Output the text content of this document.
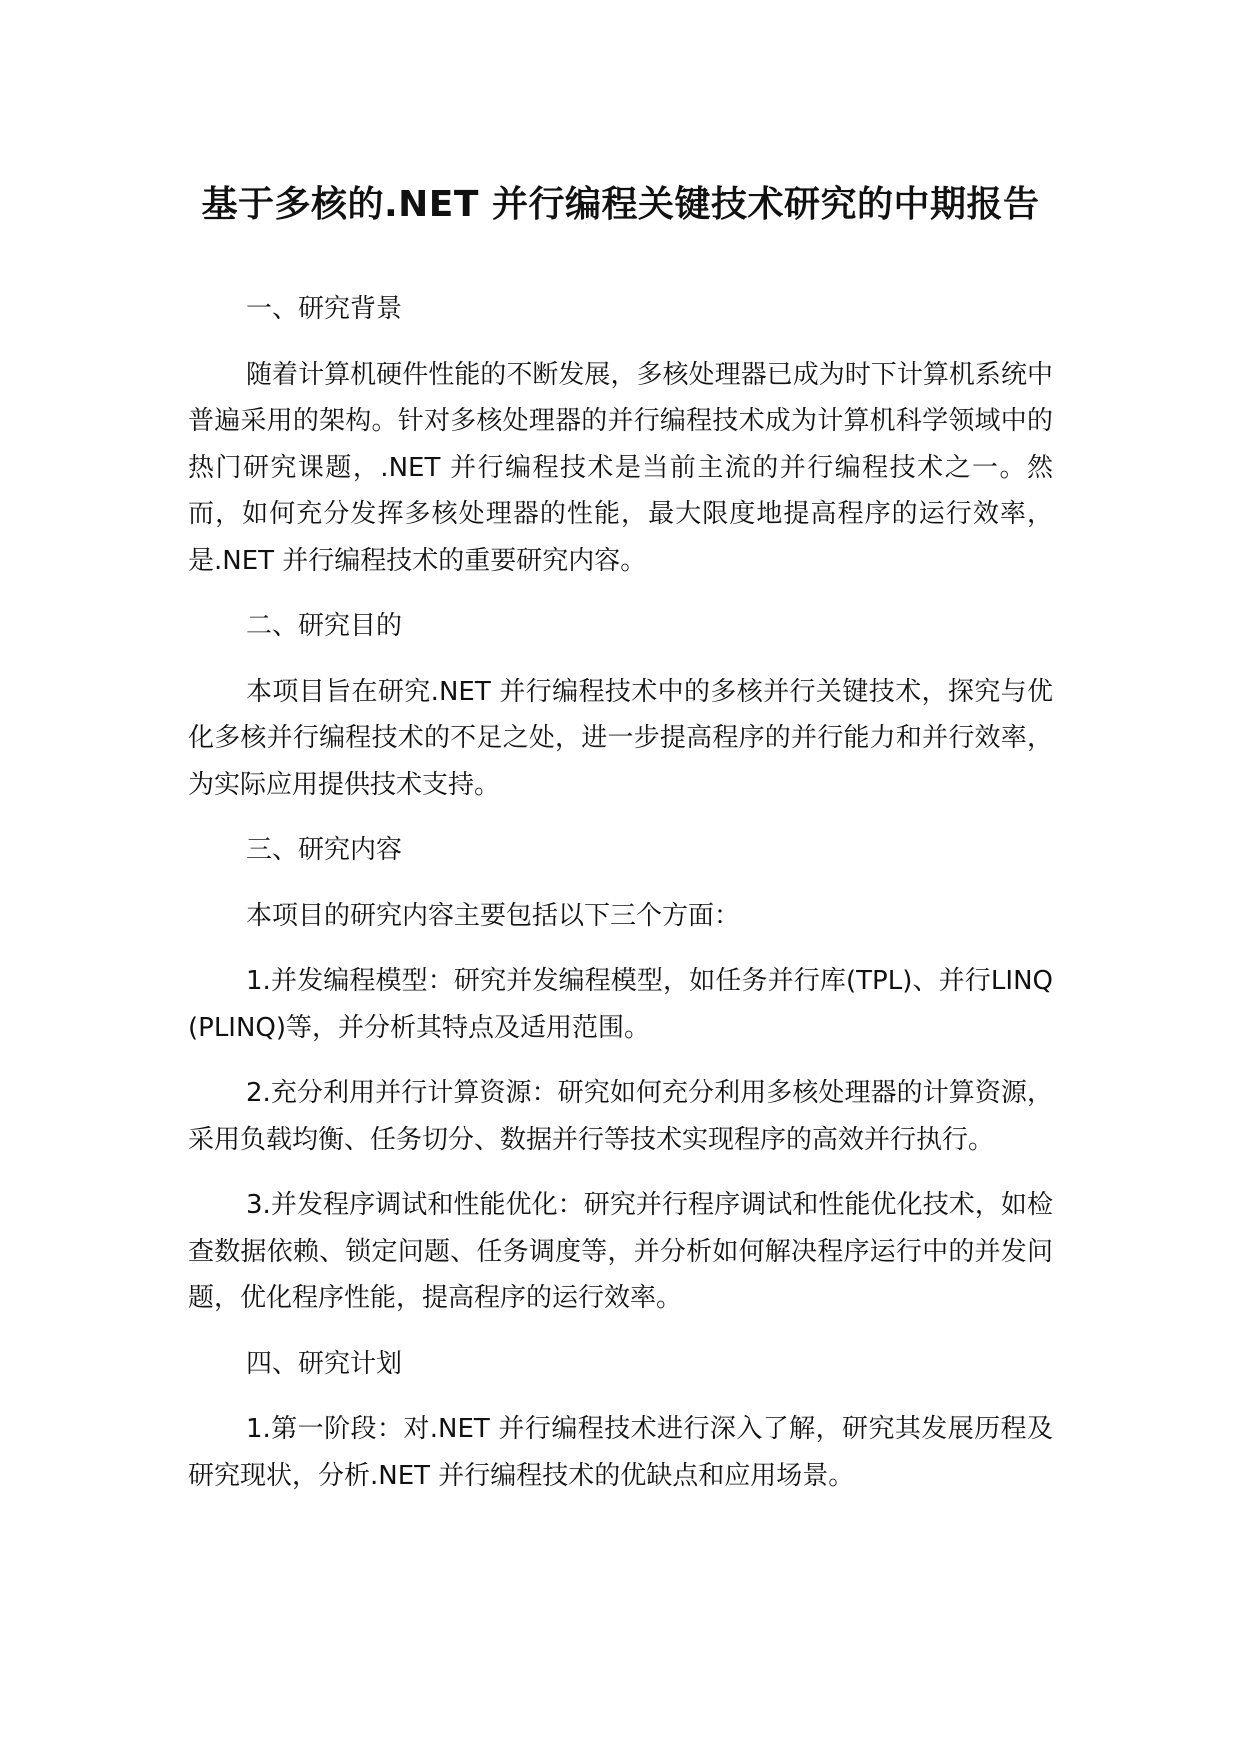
基于多核的.NET 并行编程关键技术研究的中期报告

一、研究背景

随着计算机硬件性能的不断发展，多核处理器已成为时下计算机系统中普遍采用的架构。针对多核处理器的并行编程技术成为计算机科学领域中的热门研究课题，.NET 并行编程技术是当前主流的并行编程技术之一。然而，如何充分发挥多核处理器的性能，最大限度地提高程序的运行效率，是.NET 并行编程技术的重要研究内容。

二、研究目的

本项目旨在研究.NET 并行编程技术中的多核并行关键技术，探究与优化多核并行编程技术的不足之处，进一步提高程序的并行能力和并行效率，为实际应用提供技术支持。

三、研究内容

本项目的研究内容主要包括以下三个方面：

1.并发编程模型：研究并发编程模型，如任务并行库(TPL)、并行LINQ(PLINQ)等，并分析其特点及适用范围。

2.充分利用并行计算资源：研究如何充分利用多核处理器的计算资源，采用负载均衡、任务切分、数据并行等技术实现程序的高效并行执行。

3.并发程序调试和性能优化：研究并行程序调试和性能优化技术，如检查数据依赖、锁定问题、任务调度等，并分析如何解决程序运行中的并发问题，优化程序性能，提高程序的运行效率。

四、研究计划

1.第一阶段：对.NET 并行编程技术进行深入了解，研究其发展历程及研究现状，分析.NET 并行编程技术的优缺点和应用场景。
